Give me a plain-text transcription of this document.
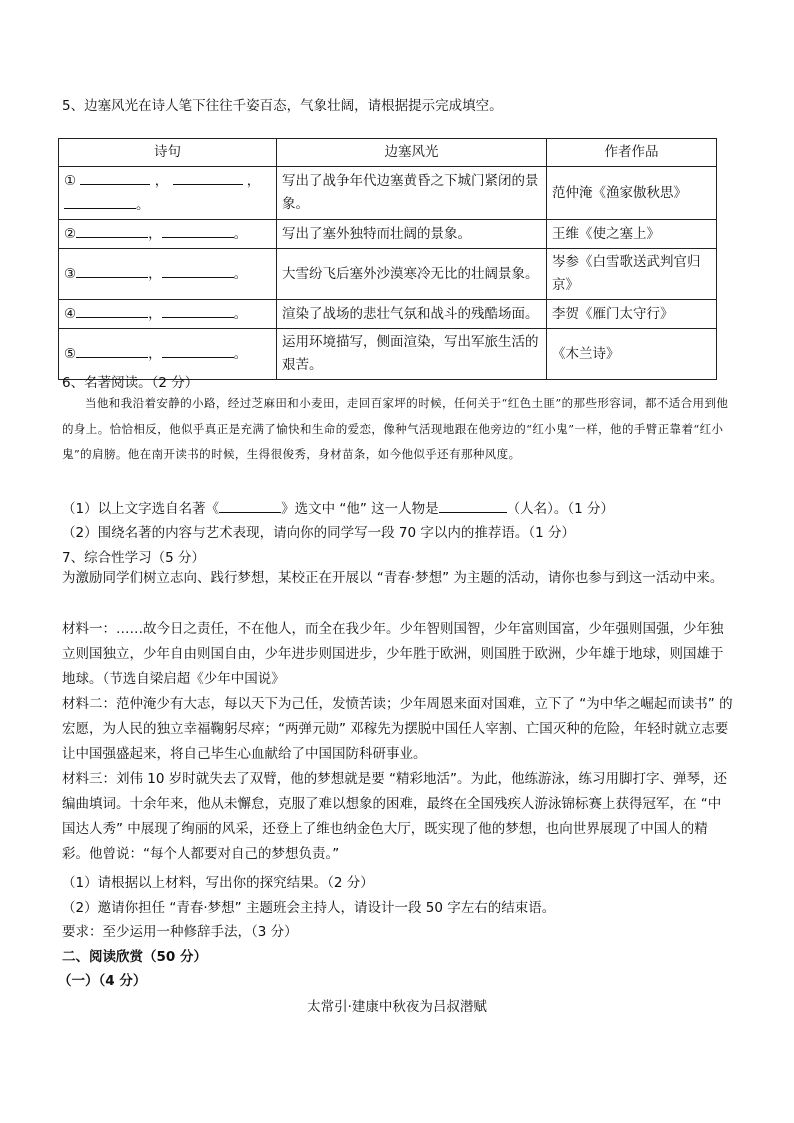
5、边塞风光在诗人笔下往往千姿百态，气象壮阔，请根据提示完成填空。
诗句	边塞风光	作者作品
① ， ，
。	写出了战争年代边塞黄昏之下城门紧闭的景象。	范仲淹《渔家傲秋思》
② ， 。	写出了塞外独特而壮阔的景象。	王维《使之塞上》
③ ， 。	大雪纷飞后塞外沙漠寒冷无比的壮阔景象。	岑参《白雪歌送武判官归京》
④ ， 。	渲染了战场的悲壮气氛和战斗的残酷场面。	李贺《雁门太守行》
⑤ ， 。	运用环境描写，侧面渲染，写出军旅生活的艰苦。	《木兰诗》
6、名著阅读。（2 分）
当他和我沿着安静的小路，经过芝麻田和小麦田，走回百家坪的时候，任何关于“红色土匪”的那些形容词，都不适合用到他的身上。恰恰相反，他似乎真正是充满了愉快和生命的爱恋，像种气活现地跟在他旁边的“红小鬼”一样，他的手臂正靠着“红小鬼”的肩膀。他在南开读书的时候，生得很俊秀，身材苗条，如今他似乎还有那种风度。
（1）以上文字选自名著《	》选文中 “他” 这一人物是	（人名）。（1 分）
（2）围绕名著的内容与艺术表现，请向你的同学写一段 70 字以内的推荐语。（1 分）
7、综合性学习（5 分）
为激励同学们树立志向、践行梦想，某校正在开展以 “青春·梦想” 为主题的活动，请你也参与到这一活动中来。
材料一：……故今日之责任，不在他人，而全在我少年。少年智则国智，少年富则国富，少年强则国强，少年独立则国独立，少年自由则国自由，少年进步则国进步，少年胜于欧洲，则国胜于欧洲，少年雄于地球，则国雄于地球。（节选自梁启超《少年中国说》
材料二：范仲淹少有大志，每以天下为己任，发愤苦读；少年周恩来面对国难，立下了 “为中华之崛起而读书” 的宏愿，为人民的独立幸福鞠躬尽瘁；“两弹元勋” 邓稼先为摆脱中国任人宰割、亡国灭种的危险，年轻时就立志要让中国强盛起来，将自己毕生心血献给了中国国防科研事业。
材料三：刘伟 10 岁时就失去了双臂，他的梦想就是要 “精彩地活”。为此，他练游泳，练习用脚打字、弹琴，还编曲填词。十余年来，他从未懈怠，克服了难以想象的困难，最终在全国残疾人游泳锦标赛上获得冠军，在 “中国达人秀” 中展现了绚丽的风采，还登上了维也纳金色大厅，既实现了他的梦想，也向世界展现了中国人的精彩。他曾说：“每个人都要对自己的梦想负责。”
（1）请根据以上材料，写出你的探究结果。（2 分）
（2）邀请你担任 “青春·梦想” 主题班会主持人，请设计一段 50 字左右的结束语。
要求：至少运用一种修辞手法，（3 分）
二、阅读欣赏（50 分）
（一）（4 分）
太常引·建康中秋夜为吕叔潜赋
